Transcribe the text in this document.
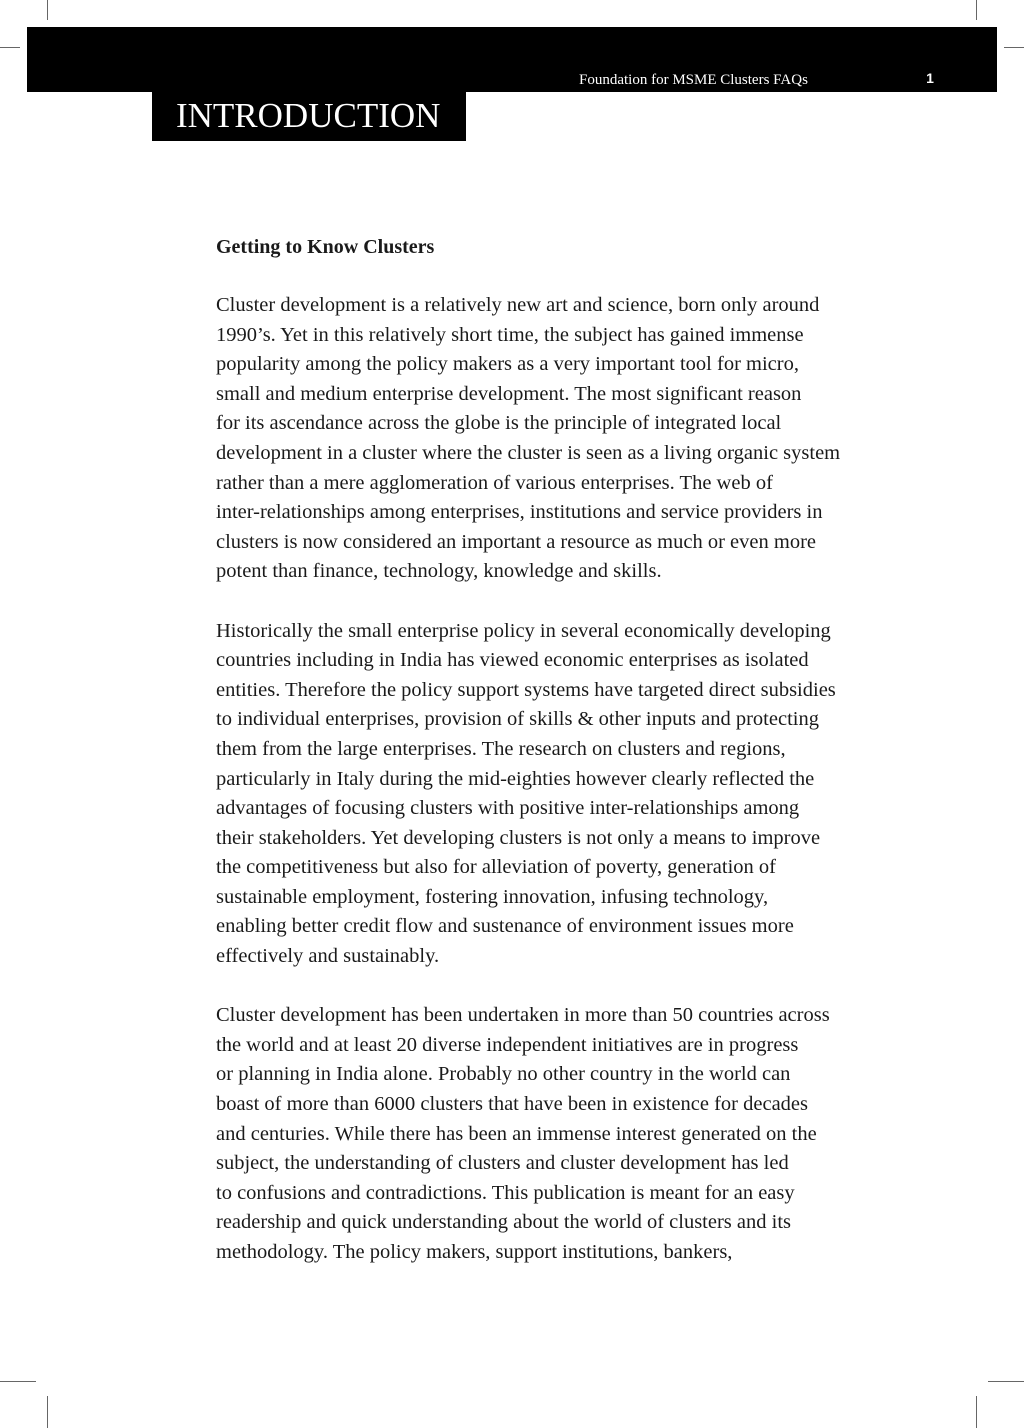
Foundation for MSME Clusters FAQs	1
INTRODUCTION
Getting to Know Clusters

Cluster development is a relatively new art and science, born only around
1990’s. Yet in this relatively short time, the subject has gained immense
popularity among the policy makers as a very important tool for micro,
small and medium enterprise development. The most significant reason
for its ascendance across the globe is the principle of integrated local
development in a cluster where the cluster is seen as a living organic system
rather than a mere agglomeration of various enterprises. The web of
inter-relationships among enterprises, institutions and service providers in
clusters is now considered an important a resource as much or even more
potent than finance, technology, knowledge and skills.

Historically the small enterprise policy in several economically developing
countries including in India has viewed economic enterprises as isolated
entities. Therefore the policy support systems have targeted direct subsidies
to individual enterprises, provision of skills & other inputs and protecting
them from the large enterprises. The research on clusters and regions,
particularly in Italy during the mid-eighties however clearly reflected the
advantages of focusing clusters with positive inter-relationships among
their stakeholders. Yet developing clusters is not only a means to improve
the competitiveness but also for alleviation of poverty, generation of
sustainable employment, fostering innovation, infusing technology,
enabling better credit flow and sustenance of environment issues more
effectively and sustainably.

Cluster development has been undertaken in more than 50 countries across
the world and at least 20 diverse independent initiatives are in progress
or planning in India alone. Probably no other country in the world can
boast of more than 6000 clusters that have been in existence for decades
and centuries. While there has been an immense interest generated on the
subject, the understanding of clusters and cluster development has led
to confusions and contradictions. This publication is meant for an easy
readership and quick understanding about the world of clusters and its
methodology. The policy makers, support institutions, bankers,
